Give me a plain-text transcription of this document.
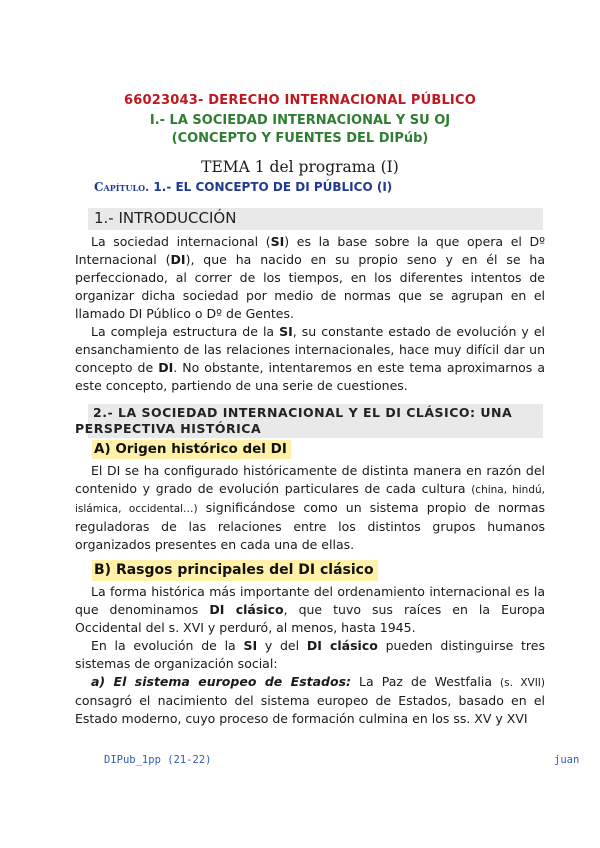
66023043- DERECHO INTERNACIONAL PÚBLICO
I.- LA SOCIEDAD INTERNACIONAL Y SU OJ
(CONCEPTO Y FUENTES DEL DIPúb)
TEMA 1 del programa (I)
Capítulo. 1.- EL CONCEPTO DE DI PÚBLICO (I)
1.- INTRODUCCIÓN
La sociedad internacional (SI) es la base sobre la que opera el Dº Internacional (DI), que ha nacido en su propio seno y en él se ha perfeccionado, al correr de los tiempos, en los diferentes intentos de organizar dicha sociedad por medio de normas que se agrupan en el llamado DI Público o Dº de Gentes.
La compleja estructura de la SI, su constante estado de evolución y el ensanchamiento de las relaciones internacionales, hace muy difícil dar un concepto de DI. No obstante, intentaremos en este tema aproximarnos a este concepto, partiendo de una serie de cuestiones.
2.- LA SOCIEDAD INTERNACIONAL Y EL DI CLÁSICO: UNA
PERSPECTIVA HISTÓRICA
A) Origen histórico del DI
El DI se ha configurado históricamente de distinta manera en razón del contenido y grado de evolución particulares de cada cultura (china, hindú, islámica, occidental…) significándose como un sistema propio de normas reguladoras de las relaciones entre los distintos grupos humanos organizados presentes en cada una de ellas.
B) Rasgos principales del DI clásico
La forma histórica más importante del ordenamiento internacional es la que denominamos DI clásico, que tuvo sus raíces en la Europa Occidental del s. XVI y perduró, al menos, hasta 1945.
En la evolución de la SI y del DI clásico pueden distinguirse tres sistemas de organización social:
a) El sistema europeo de Estados: La Paz de Westfalia (s. XVII) consagró el nacimiento del sistema europeo de Estados, basado en el Estado moderno, cuyo proceso de formación culmina en los ss. XV y XVI
DIPub_1pp (21-22)	juan
